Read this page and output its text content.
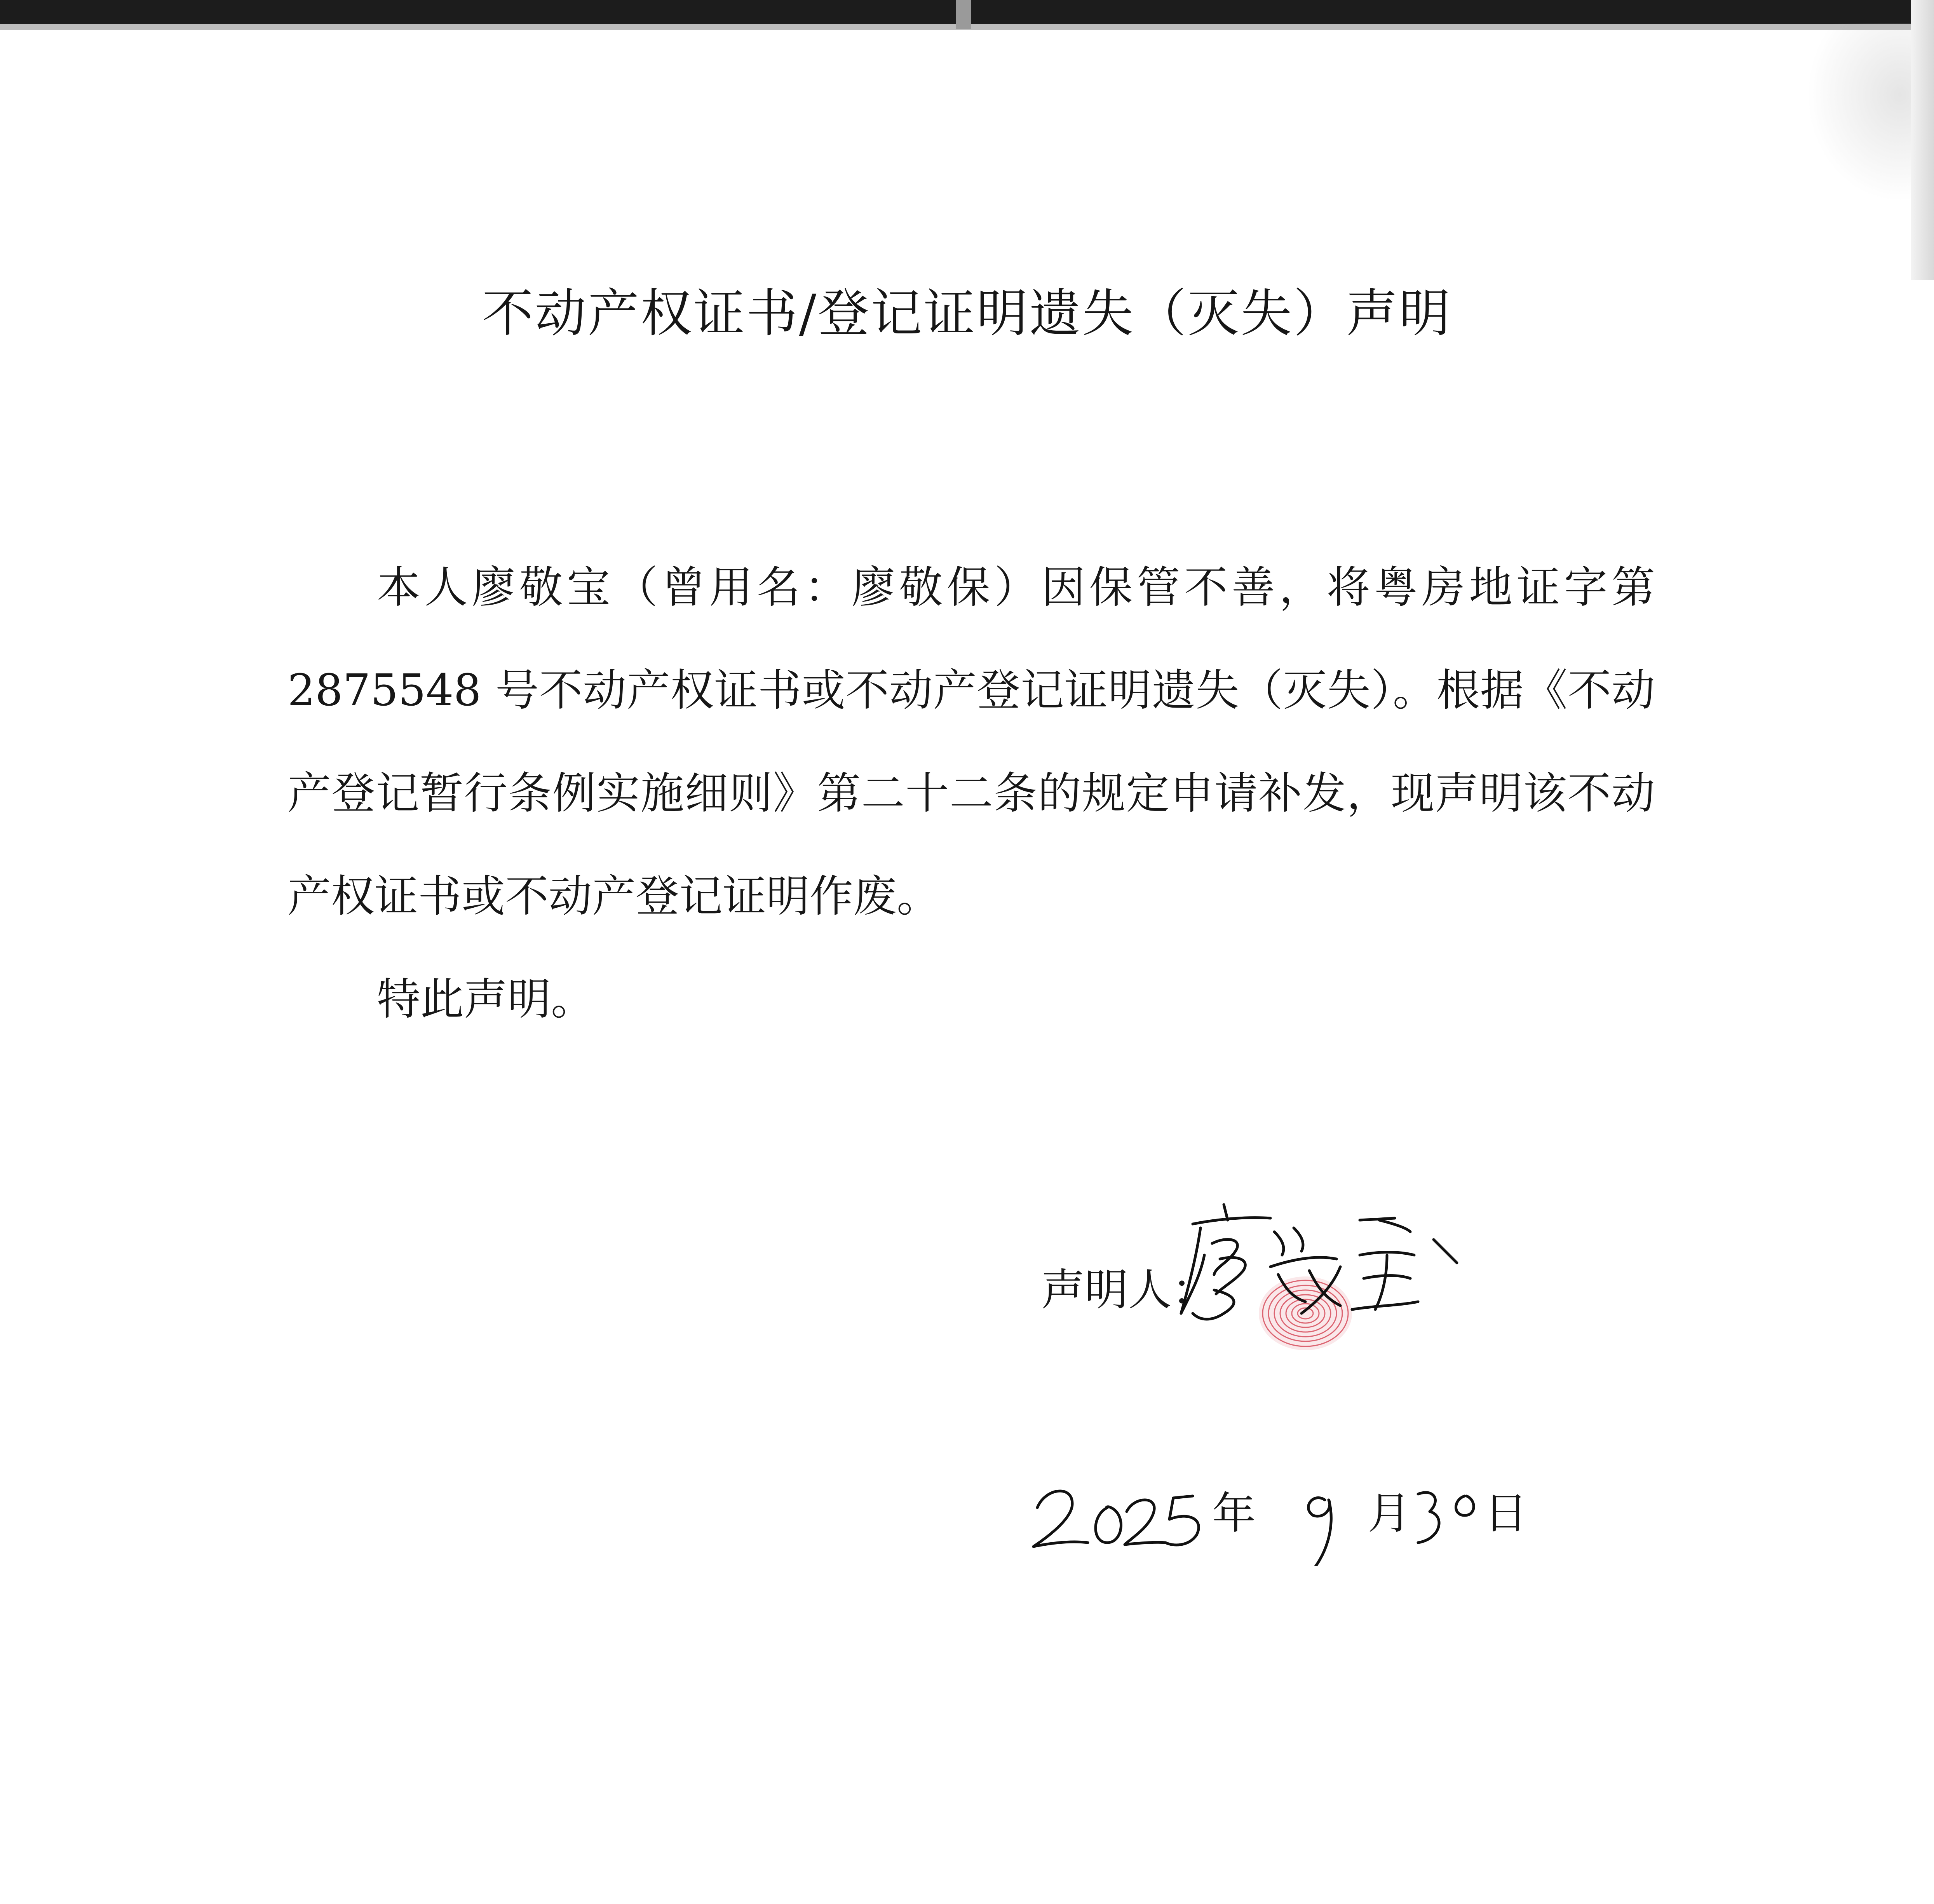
不动产权证书/登记证明遗失（灭失）声明

本人廖敬宝（曾用名：廖敬保）因保管不善，将粤房地证字第2875548 号不动产权证书或不动产登记证明遗失（灭失）。根据《不动产登记暂行条例实施细则》第二十二条的规定申请补发，现声明该不动产权证书或不动产登记证明作废。

特此声明。

声明人：
年	月 日
